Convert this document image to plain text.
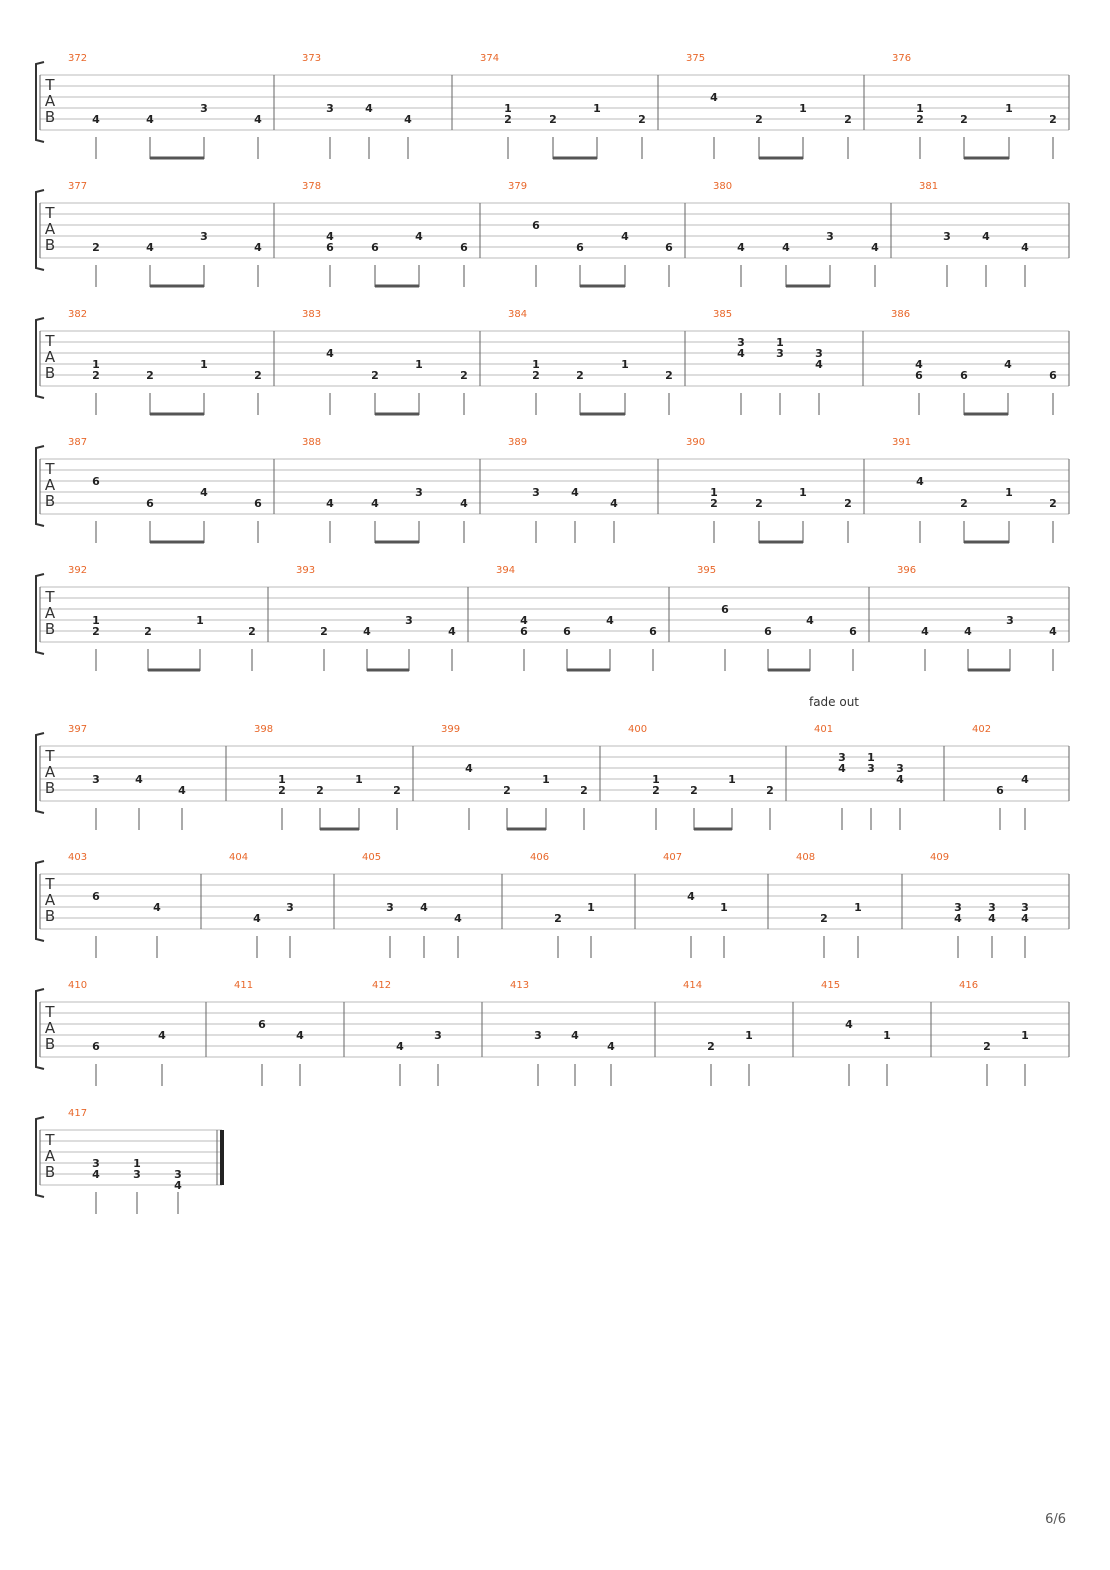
T
A
B
372
4	4
3
4
373
3	4
4
374
1
2	2
1
2
375
4
2
1
2
376
1
2	2
1
2
T
A
B
377
2	4
3
4
378
4
6	6
4
6
379
6
6
4
6
380
4	4
3
4
381
3	4
4
T
A
B
382
1
2	2
1
2
383
4
2
1
2
384
1
2	2
1
2
385
3
4
1
3	3
4
386
4
6	6
4
6
T
A
B
387
6
6
4
6
388
4	4
3
4
389
3	4
4
390
1
2	2
1
2
391
4
2
1
2
T
A
B
392
1
2	2
1
2
393
2	4
3
4
394
4
6	6
4
6
395
6
6
4
6
396
4	4
3
4
T
A
B
fade out
397
3	4
4
398
1
2	2
1
2
399
4
2
1
2
400
1
2	2
1
2
401
3
4
1
3 3
4
402
6
4
T
A
B
403
6
4
404
4
3
405
3 4
4
406
2
1
407
4
1
408
2
1
409
3
4
3
4
3
4
T
A
B
410
6
4
411
6
4
412
4
3
413
3	4
4
414
2
1
415
4
1
416
2
1
T
A
B
417
3
4
1
3	3
4
6/6
